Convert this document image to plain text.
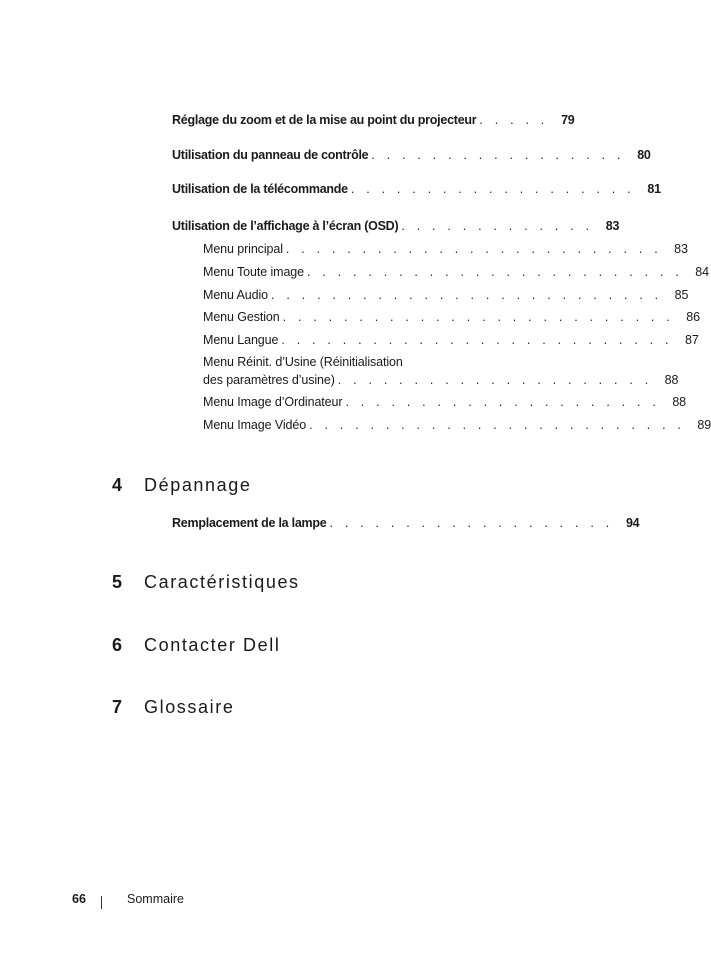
Réglage du zoom et de la mise au point du projecteur . . . . .	79
Utilisation du panneau de contrôle . . . . . . . . . . . . . . . . .	80
Utilisation de la télécommande . . . . . . . . . . . . . . . . . . .	81
Utilisation de l’affichage à l’écran (OSD) . . . . . . . . . . . . .	83
Menu principal . . . . . . . . . . . . . . . . . . . . . . . . . 83
Menu Toute image . . . . . . . . . . . . . . . . . . . . . . . . . 84
Menu Audio . . . . . . . . . . . . . . . . . . . . . . . . . . 85
Menu Gestion . . . . . . . . . . . . . . . . . . . . . . . . . . 86
Menu Langue . . . . . . . . . . . . . . . . . . . . . . . . . . 87
Menu Réinit. d’Usine (Réinitialisation
des paramètres d’usine) . . . . . . . . . . . . . . . . . . . . . 88
Menu Image d’Ordinateur . . . . . . . . . . . . . . . . . . . . . 88
Menu Image Vidéo . . . . . . . . . . . . . . . . . . . . . . . . . 89
4	Dépannage
Remplacement de la lampe . . . . . . . . . . . . . . . . . . .	94
5	Caractéristiques
6	Contacter Dell
7	Glossaire
66	Sommaire
